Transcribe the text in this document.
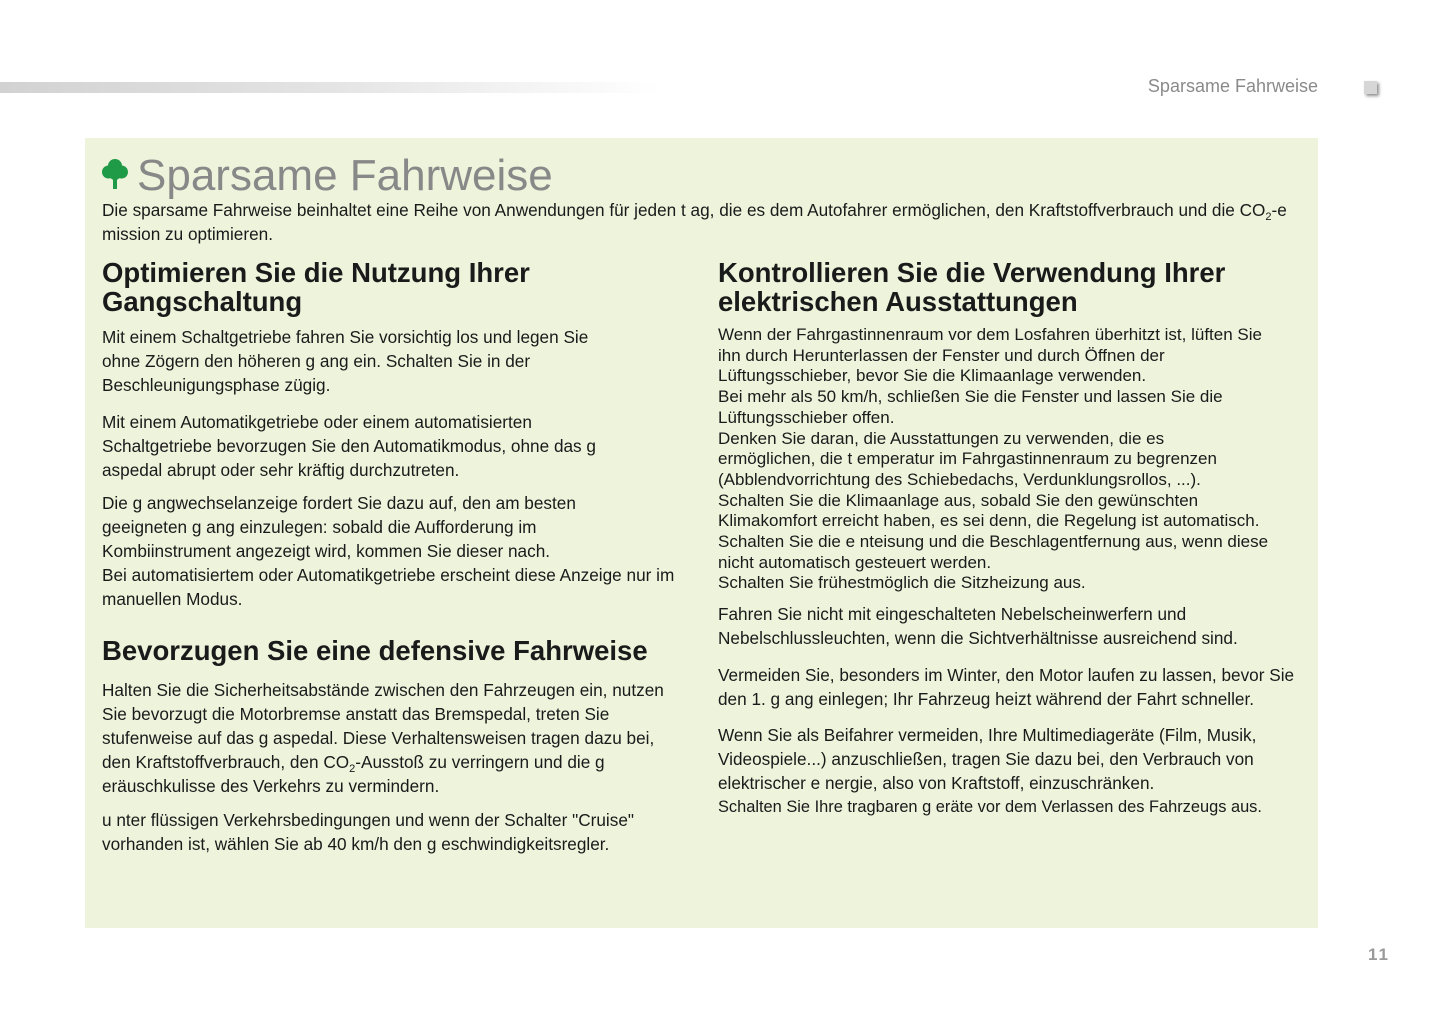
Sparsame Fahrweise
Sparsame Fahrweise
Die sparsame Fahrweise beinhaltet eine Reihe von Anwendungen für jeden t ag, die es dem Autofahrer ermöglichen, den Kraftstoffverbrauch und die $CO_2-e$ mission zu optimieren.
Optimieren Sie die Nutzung Ihrer Gangschaltung

Mit einem Schaltgetriebe fahren Sie vorsichtig los und legen Sie ohne Zögern den höheren g ang ein. Schalten Sie in der Beschleunigungsphase zügig.

Mit einem Automatikgetriebe oder einem automatisierten Schaltgetriebe bevorzugen Sie den Automatikmodus, ohne das g aspedal abrupt oder sehr kräftig durchzutreten.

Die g angwechselanzeige fordert Sie dazu auf, den am besten geeigneten g ang einzulegen: sobald die Aufforderung im Kombiinstrument angezeigt wird, kommen Sie dieser nach.

Bei automatisiertem oder Automatikgetriebe erscheint diese Anzeige nur im manuellen Modus.

Bevorzugen Sie eine defensive Fahrweise

Halten Sie die Sicherheitsabstände zwischen den Fahrzeugen ein, nutzen Sie bevorzugt die Motorbremse anstatt das Bremspedal, treten Sie stufenweise auf das g aspedal. Diese Verhaltensweisen tragen dazu bei, den Kraftstoffverbrauch, den $CO_2$-Ausstoß zu verringern und die g eräuschkulisse des Verkehrs zu vermindern.

u nter flüssigen Verkehrsbedingungen und wenn der Schalter "Cruise" vorhanden ist, wählen Sie ab 40 km/h den g eschwindigkeitsregler.

Kontrollieren Sie die Verwendung Ihrer elektrischen Ausstattungen

Wenn der Fahrgastinnenraum vor dem Losfahren überhitzt ist, lüften Sie ihn durch Herunterlassen der Fenster und durch Öffnen der Lüftungsschieber, bevor Sie die Klimaanlage verwenden.

Bei mehr als 50 km/h, schließen Sie die Fenster und lassen Sie die Lüftungsschieber offen.

Denken Sie daran, die Ausstattungen zu verwenden, die es ermöglichen, die t emperatur im Fahrgastinnenraum zu begrenzen (Abblendvorrichtung des Schiebedachs, Verdunklungsrollos, ...).

Schalten Sie die Klimaanlage aus, sobald Sie den gewünschten Klimakomfort erreicht haben, es sei denn, die Regelung ist automatisch.

Schalten Sie die e nteisung und die Beschlagentfernung aus, wenn diese nicht automatisch gesteuert werden.

Schalten Sie frühestmöglich die Sitzheizung aus.

Fahren Sie nicht mit eingeschalteten Nebelscheinwerfern und Nebelschlussleuchten, wenn die Sichtverhältnisse ausreichend sind.

Vermeiden Sie, besonders im Winter, den Motor laufen zu lassen, bevor Sie den 1. g ang einlegen; Ihr Fahrzeug heizt während der Fahrt schneller.

Wenn Sie als Beifahrer vermeiden, Ihre Multimediageräte (Film, Musik, Videospiele...) anzuschließen, tragen Sie dazu bei, den Verbrauch von elektrischer e nergie, also von Kraftstoff, einzuschränken.

Schalten Sie Ihre tragbaren g eräte vor dem Verlassen des Fahrzeugs aus.

11
